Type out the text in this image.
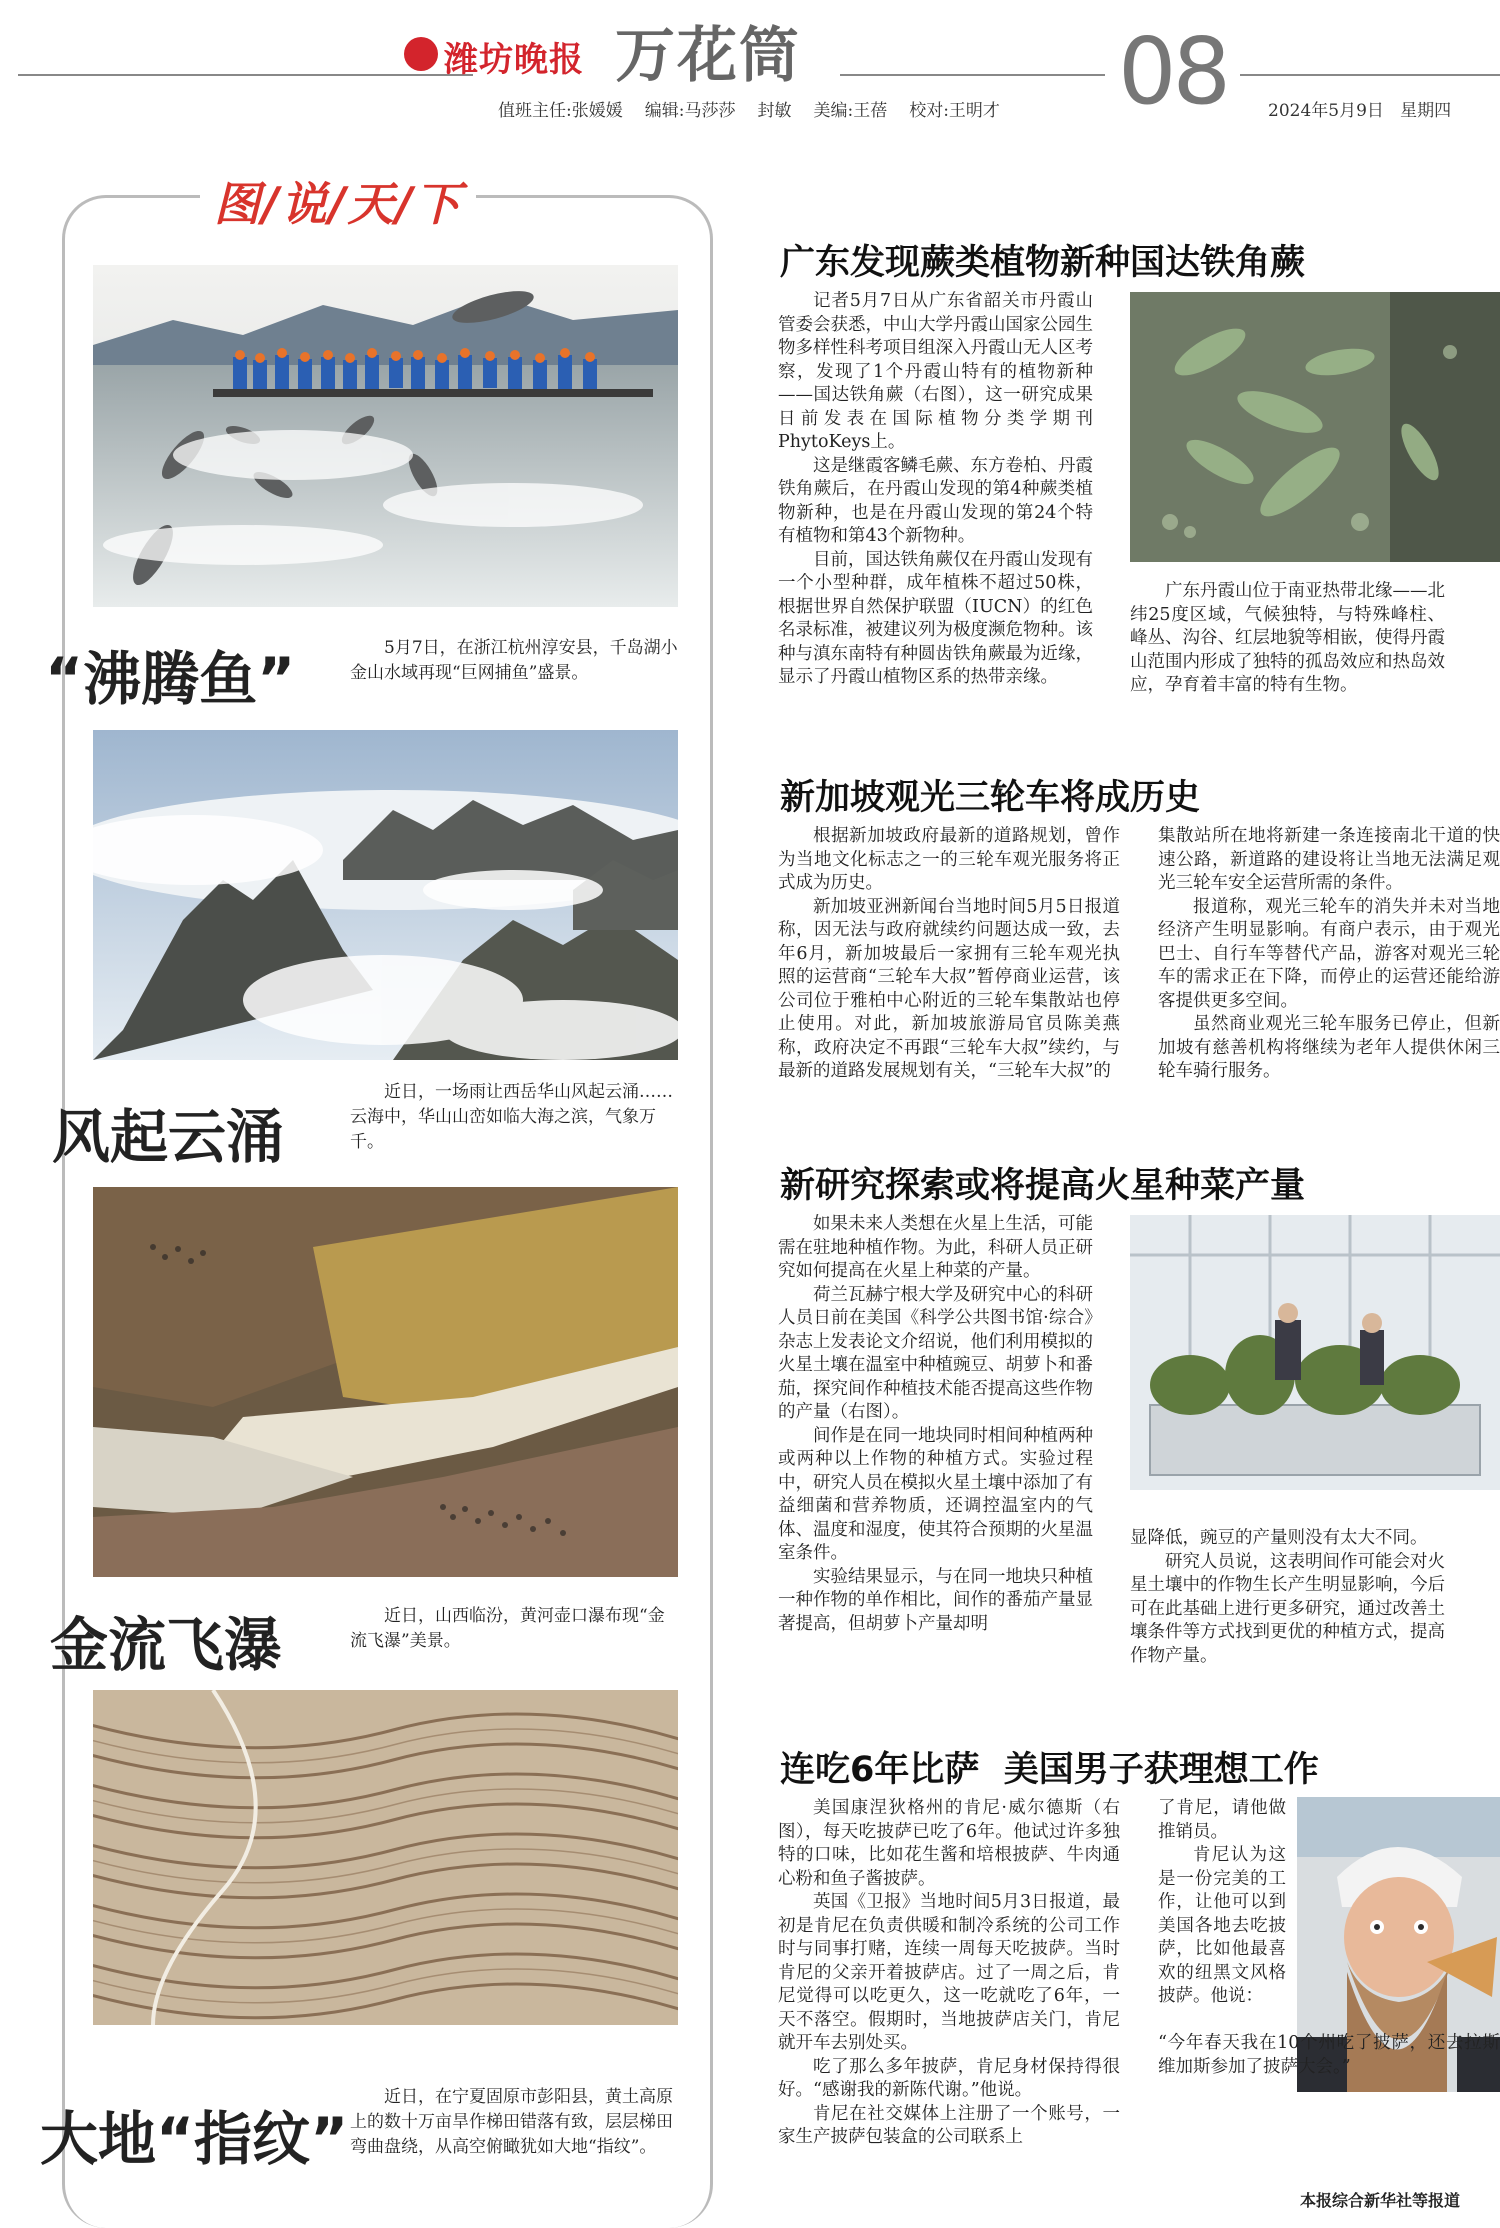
潍坊晚报 万花筒	08
值班主任:张媛媛 编辑:马莎莎 封敏 美编:王蓓 校对:王明才	2024年5月9日 星期四
图/说/天/下
“沸腾鱼”	5月7日，在浙江杭州淳安县，千岛湖小金山水域再现“巨网捕鱼”盛景。
风起云涌
近日，一场雨让西岳华山风起云涌……云海中，华山山峦如临大海之滨，气象万千。
金流飞瀑	近日，山西临汾，黄河壶口瀑布现“金流飞瀑”美景。
大地“指纹”
近日，在宁夏固原市彭阳县，黄土高原上的数十万亩旱作梯田错落有致，层层梯田弯曲盘绕，从高空俯瞰犹如大地“指纹”。
广东发现蕨类植物新种国达铁角蕨

记者5月7日从广东省韶关市丹霞山管委会获悉，中山大学丹霞山国家公园生物多样性科考项目组深入丹霞山无人区考察，发现了1个丹霞山特有的植物新种——国达铁角蕨（右图），这一研究成果日前发表在国际植物分类学期刊PhytoKeys上。

这是继霞客鳞毛蕨、东方卷柏、丹霞铁角蕨后，在丹霞山发现的第4种蕨类植物新种，也是在丹霞山发现的第24个特有植物和第43个新物种。

目前，国达铁角蕨仅在丹霞山发现有一个小型种群，成年植株不超过50株，根据世界自然保护联盟（IUCN）的红色名录标准，被建议列为极度濒危物种。该种与滇东南特有种圆齿铁角蕨最为近缘，显示了丹霞山植物区系的热带亲缘。

广东丹霞山位于南亚热带北缘——北纬25度区域，气候独特，与特殊峰柱、峰丛、沟谷、红层地貌等相嵌，使得丹霞山范围内形成了独特的孤岛效应和热岛效应，孕育着丰富的特有生物。

新加坡观光三轮车将成历史

根据新加坡政府最新的道路规划，曾作为当地文化标志之一的三轮车观光服务将正式成为历史。

新加坡亚洲新闻台当地时间5月5日报道称，因无法与政府就续约问题达成一致，去年6月，新加坡最后一家拥有三轮车观光执照的运营商“三轮车大叔”暂停商业运营，该公司位于雅柏中心附近的三轮车集散站也停止使用。对此，新加坡旅游局官员陈美燕称，政府决定不再跟“三轮车大叔”续约，与最新的道路发展规划有关，“三轮车大叔”的

集散站所在地将新建一条连接南北干道的快速公路，新道路的建设将让当地无法满足观光三轮车安全运营所需的条件。

报道称，观光三轮车的消失并未对当地经济产生明显影响。有商户表示，由于观光巴士、自行车等替代产品，游客对观光三轮车的需求正在下降，而停止的运营还能给游客提供更多空间。

虽然商业观光三轮车服务已停止，但新加坡有慈善机构将继续为老年人提供休闲三轮车骑行服务。

新研究探索或将提高火星种菜产量

如果未来人类想在火星上生活，可能需在驻地种植作物。为此，科研人员正研究如何提高在火星上种菜的产量。

荷兰瓦赫宁根大学及研究中心的科研人员日前在美国《科学公共图书馆·综合》杂志上发表论文介绍说，他们利用模拟的火星土壤在温室中种植豌豆、胡萝卜和番茄，探究间作种植技术能否提高这些作物的产量（右图）。

间作是在同一地块同时相间种植两种或两种以上作物的种植方式。实验过程中，研究人员在模拟火星土壤中添加了有益细菌和营养物质，还调控温室内的气体、温度和湿度，使其符合预期的火星温室条件。

实验结果显示，与在同一地块只种植一种作物的单作相比，间作的番茄产量显著提高，但胡萝卜产量却明

显降低，豌豆的产量则没有太大不同。

研究人员说，这表明间作可能会对火星土壤中的作物生长产生明显影响，今后可在此基础上进行更多研究，通过改善土壤条件等方式找到更优的种植方式，提高作物产量。

连吃6年比萨  美国男子获理想工作

美国康涅狄格州的肯尼·威尔德斯（右图），每天吃披萨已吃了6年。他试过许多独特的口味，比如花生酱和培根披萨、牛肉通心粉和鱼子酱披萨。

英国《卫报》当地时间5月3日报道，最初是肯尼在负责供暖和制冷系统的公司工作时与同事打赌，连续一周每天吃披萨。当时肯尼的父亲开着披萨店。过了一周之后，肯尼觉得可以吃更久，这一吃就吃了6年，一天不落空。假期时，当地披萨店关门，肯尼就开车去别处买。

吃了那么多年披萨，肯尼身材保持得很好。“感谢我的新陈代谢。”他说。

肯尼在社交媒体上注册了一个账号，一家生产披萨包装盒的公司联系上

了肯尼，请他做推销员。

肯尼认为这是一份完美的工作，让他可以到美国各地去吃披萨，比如他最喜欢的纽黑文风格披萨。他说：

“今年春天我在10个州吃了披萨，还去拉斯维加斯参加了披萨大会。”

本报综合新华社等报道
